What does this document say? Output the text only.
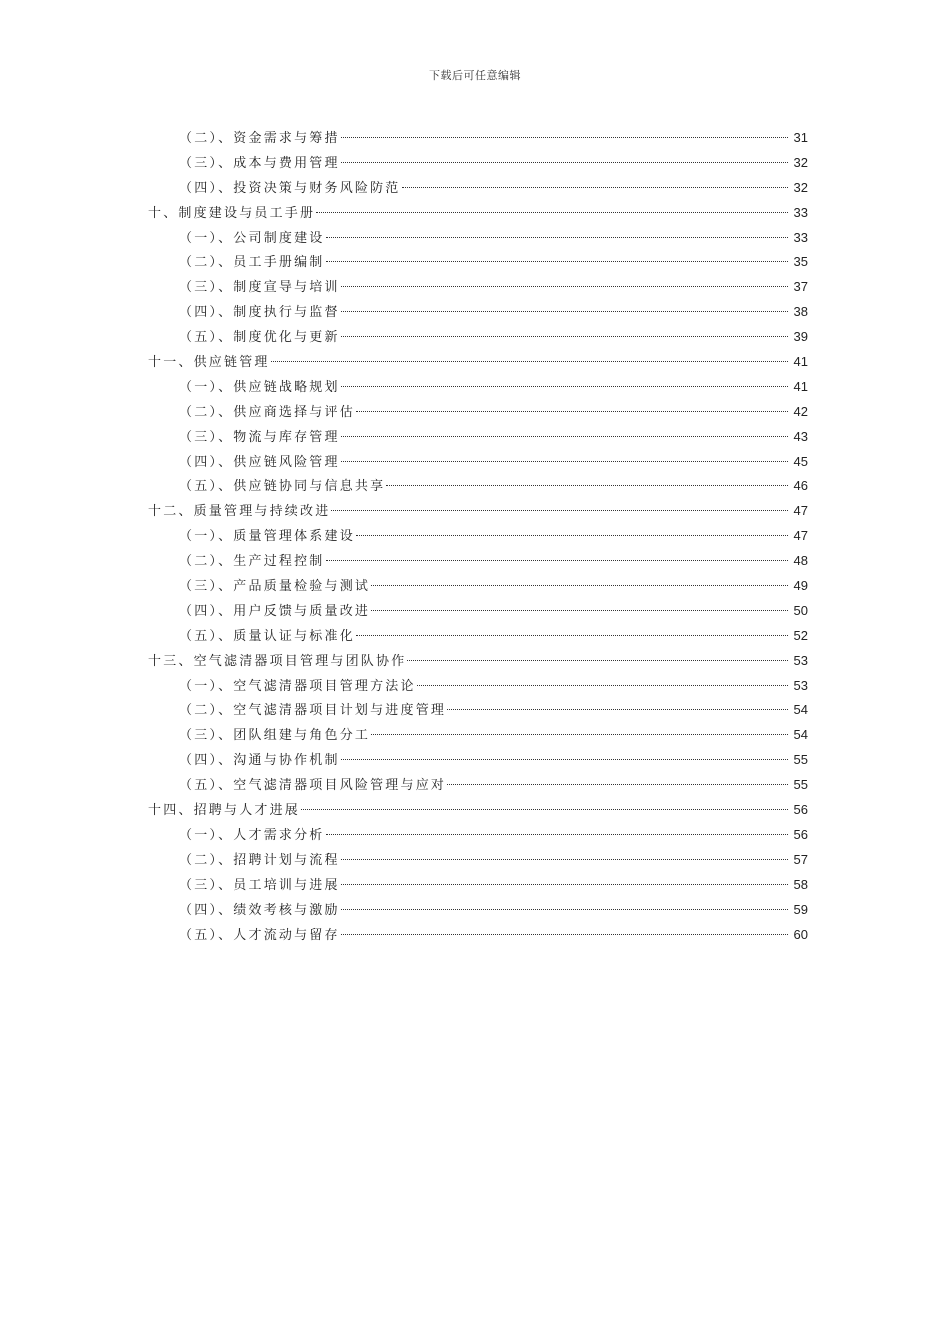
下载后可任意编辑
（二）、资金需求与筹措	31
（三）、成本与费用管理	32
（四）、投资决策与财务风险防范	32
十、制度建设与员工手册	33
（一）、公司制度建设	33
（二）、员工手册编制	35
（三）、制度宣导与培训	37
（四）、制度执行与监督	38
（五）、制度优化与更新	39
十一、供应链管理	41
（一）、供应链战略规划	41
（二）、供应商选择与评估	42
（三）、物流与库存管理	43
（四）、供应链风险管理	45
（五）、供应链协同与信息共享	46
十二、质量管理与持续改进	47
（一）、质量管理体系建设	47
（二）、生产过程控制	48
（三）、产品质量检验与测试	49
（四）、用户反馈与质量改进	50
（五）、质量认证与标准化	52
十三、空气滤清器项目管理与团队协作	53
（一）、空气滤清器项目管理方法论	53
（二）、空气滤清器项目计划与进度管理	54
（三）、团队组建与角色分工	54
（四）、沟通与协作机制	55
（五）、空气滤清器项目风险管理与应对	55
十四、招聘与人才进展	56
（一）、人才需求分析	56
（二）、招聘计划与流程	57
（三）、员工培训与进展	58
（四）、绩效考核与激励	59
（五）、人才流动与留存	60
